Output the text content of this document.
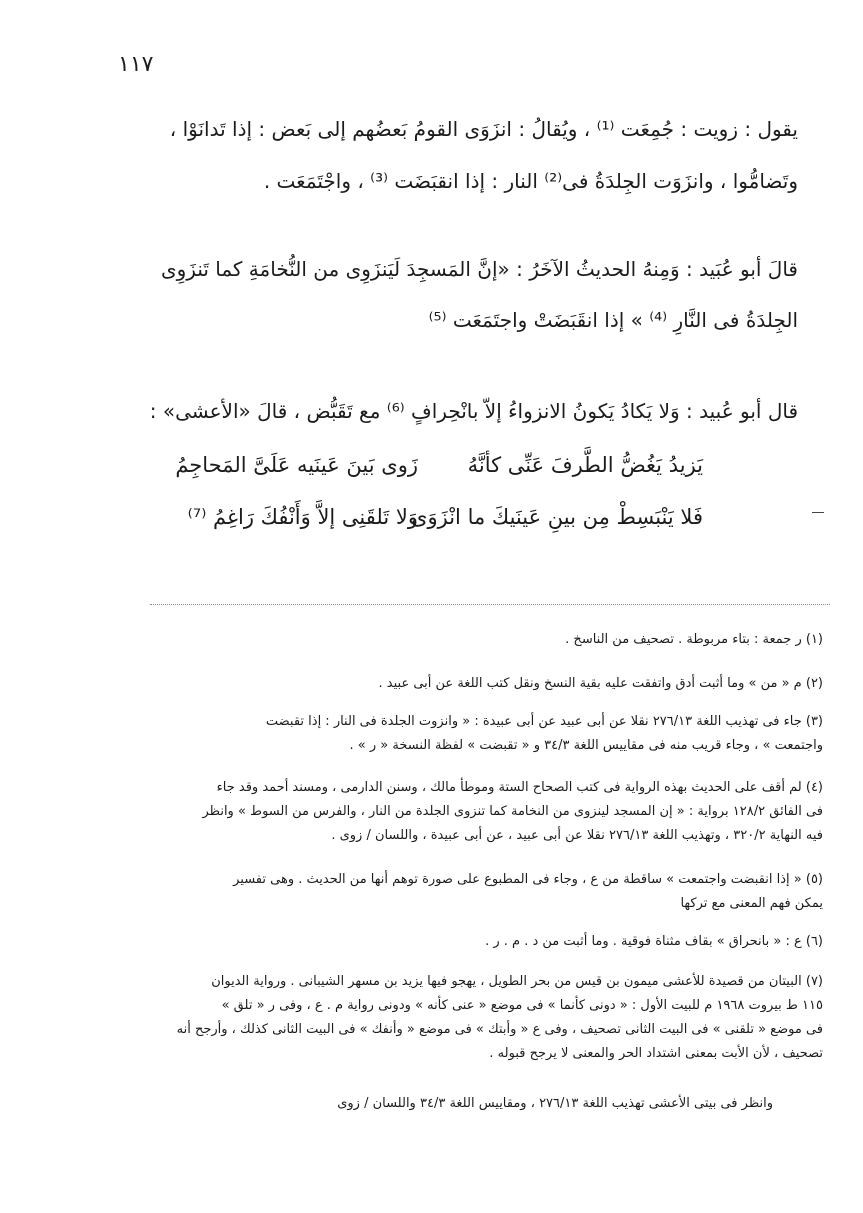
١١٧
يقول : زويت : جُمِعَت ⁽¹⁾ ، ويُقالُ : انزَوَى القومُ بَعضُهم إلى بَعض : إذا تَدانَوْا ،
وتَضامُّوا ، وانزَوَت الجِلدَةُ فى⁽²⁾ النار : إذا انقبَضَت ⁽³⁾ ، واجْتَمَعَت .
قالَ أبو عُبَيد : وَمِنهُ الحديثُ الآخَرُ : «إنَّ المَسجِدَ لَيَنزَوِى من النُّخامَةِ كما تَنزَوِى
الجِلدَةُ فى النَّارِ ⁽⁴⁾ » إذا انقَبَضَتْ واجتَمَعَت ⁽⁵⁾
قال أبو عُبيد : وَلا يَكادُ يَكونُ الانزواءُ إلاّ بانْحِرافٍ ⁽⁶⁾ مع تَقَبُّض ، قالَ «الأعشى» :
يَزيدُ يَغُضُّ الطَّرفَ عَنِّى كأنَّهُ
زَوى بَينَ عَينَيه عَلَىَّ المَحاجِمُ
فَلا يَنْبَسِطْ مِن بينِ عَينَيكَ ما انْزَوَى
وَلا تَلقَنِى إلاَّ وَأَنْفُكَ رَاغِمُ ⁽⁷⁾
(١) ر جمعة : بتاء مربوطة . تصحيف من الناسخ .
(٢) م « من » وما أثبت أدق واتفقت عليه بقية النسخ ونقل كتب اللغة عن أبى عبيد .
(٣) جاء فى تهذيب اللغة ٢٧٦/١٣ نقلا عن أبى عبيد عن أبى عبيدة : « وانزوت الجلدة فى النار : إذا تقبضت
واجتمعت » ، وجاء قريب منه فى مقاييس اللغة ٣٤/٣ و « تقبضت » لفظة النسخة « ر » .
(٤) لم أقف على الحديث بهذه الرواية فى كتب الصحاح الستة وموطأ مالك ، وسنن الدارمى ، ومسند أحمد وقد جاء
فى الفائق ١٢٨/٢ برواية : « إن المسجد لينزوى من النخامة كما تنزوى الجلدة من النار ، والفرس من السوط » وانظر
فيه النهاية ٣٢٠/٢ ، وتهذيب اللغة ٢٧٦/١٣ نقلا عن أبى عبيد ، عن أبى عبيدة ، واللسان / زوى .
(٥) « إذا انقبضت واجتمعت » ساقطة من ع ، وجاء فى المطبوع على صورة توهم أنها من الحديث . وهى تفسير
يمكن فهم المعنى مع تركها
(٦) ع : « بانحراق » بقاف مثناة فوقية . وما أثبت من د . م . ر .
(٧) البيتان من قصيدة للأعشى ميمون بن قيس من بحر الطويل ، يهجو فيها يزيد بن مسهر الشيبانى . ورواية الديوان
١١٥ ط بيروت ١٩٦٨ م للبيت الأول : « دونى كأنما » فى موضع « عنى كأنه » ودونى رواية م . ع ، وفى ر « تلق »
فى موضع « تلقنى » فى البيت الثانى تصحيف ، وفى ع « وأبتك » فى موضع « وأنفك » فى البيت الثانى كذلك ، وأرجح أنه
تصحيف ، لأن الأبت بمعنى اشتداد الحر والمعنى لا يرجح قبوله .
وانظر فى بيتى الأعشى تهذيب اللغة ٢٧٦/١٣ ، ومقاييس اللغة ٣٤/٣ واللسان / زوى
